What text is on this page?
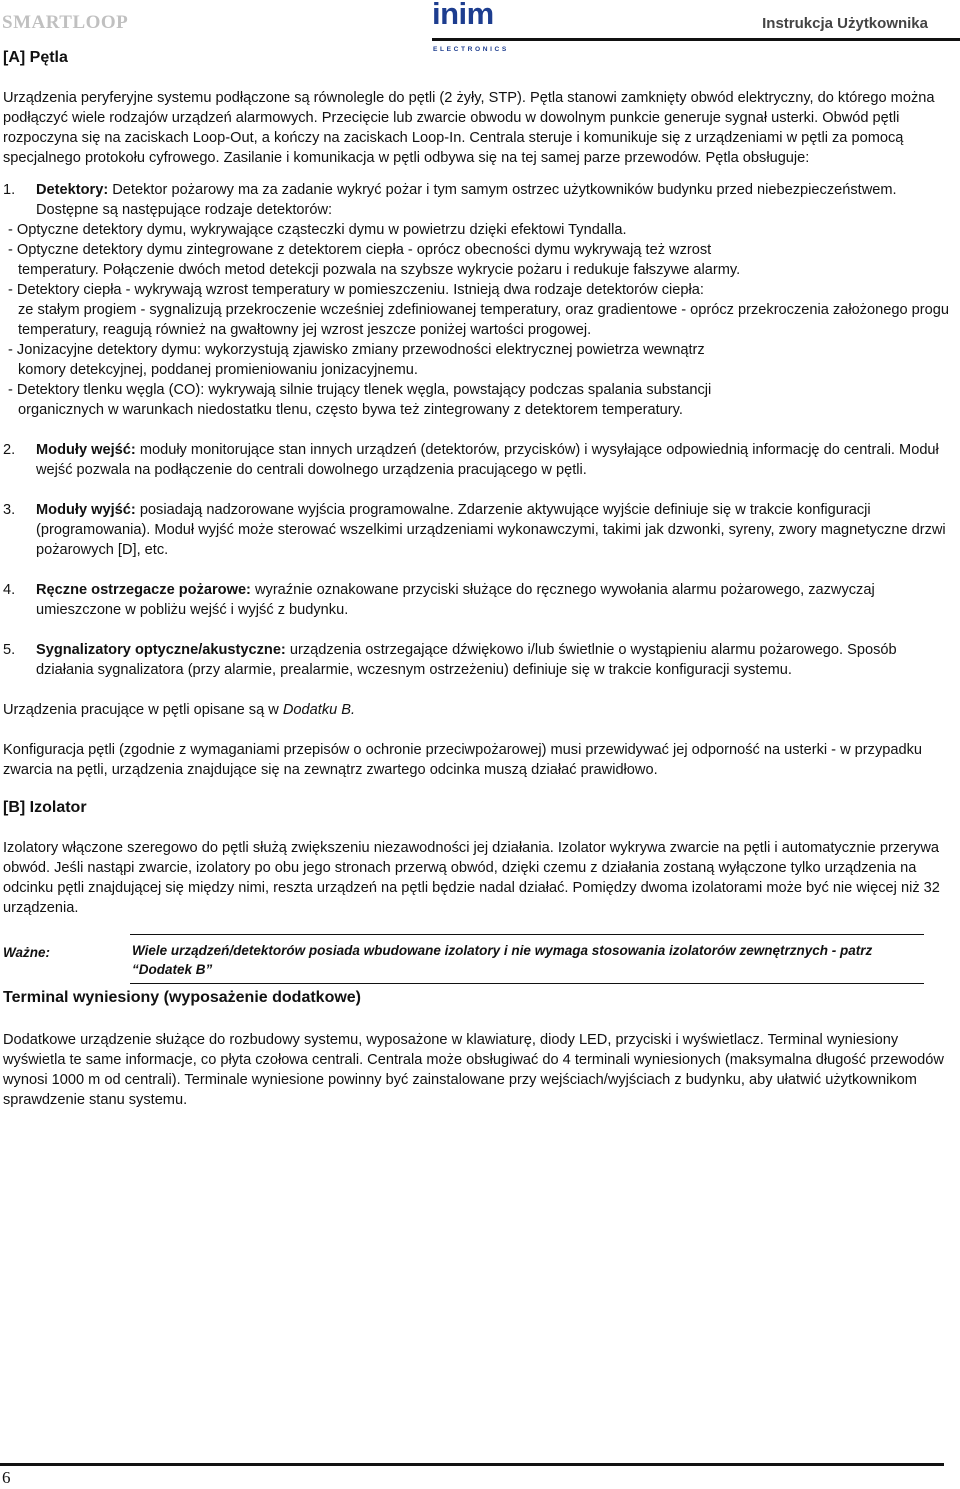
SMARTLOOP	inim
ELECTRONICS
Instrukcja Użytkownika

[A] Pętla

Urządzenia peryferyjne systemu podłączone są równolegle do pętli (2 żyły, STP). Pętla stanowi zamknięty obwód elektryczny, do którego można podłączyć wiele rodzajów urządzeń alarmowych. Przecięcie lub zwarcie obwodu w dowolnym punkcie generuje sygnał usterki. Obwód pętli rozpoczyna się na zaciskach Loop-Out, a kończy na zaciskach Loop-In. Centrala steruje i komunikuje się z urządzeniami w pętli za pomocą specjalnego protokołu cyfrowego. Zasilanie i komunikacja w pętli odbywa się na tej samej parze przewodów. Pętla obsługuje:

1. Detektory: Detektor pożarowy ma za zadanie wykryć pożar i tym samym ostrzec użytkowników budynku przed niebezpieczeństwem. Dostępne są następujące rodzaje detektorów:
- Optyczne detektory dymu, wykrywające cząsteczki dymu w powietrzu dzięki efektowi Tyndalla.
- Optyczne detektory dymu zintegrowane z detektorem ciepła - oprócz obecności dymu wykrywają też wzrost
temperatury. Połączenie dwóch metod detekcji pozwala na szybsze wykrycie pożaru i redukuje fałszywe alarmy.
- Detektory ciepła - wykrywają wzrost temperatury w pomieszczeniu. Istnieją dwa rodzaje detektorów ciepła:
ze stałym progiem - sygnalizują przekroczenie wcześniej zdefiniowanej temperatury, oraz gradientowe - oprócz przekroczenia założonego progu temperatury, reagują również na gwałtowny jej wzrost jeszcze poniżej wartości progowej.
- Jonizacyjne detektory dymu: wykorzystują zjawisko zmiany przewodności elektrycznej powietrza wewnątrz
komory detekcyjnej, poddanej promieniowaniu jonizacyjnemu.
- Detektory tlenku węgla (CO): wykrywają silnie trujący tlenek węgla, powstający podczas spalania substancji
organicznych w warunkach niedostatku tlenu, często bywa też zintegrowany z detektorem temperatury.
2. Moduły wejść: moduły monitorujące stan innych urządzeń (detektorów, przycisków) i wysyłające odpowiednią informację do centrali. Moduł wejść pozwala na podłączenie do centrali dowolnego urządzenia pracującego w pętli.
3. Moduły wyjść: posiadają nadzorowane wyjścia programowalne. Zdarzenie aktywujące wyjście definiuje się w trakcie konfiguracji (programowania). Moduł wyjść może sterować wszelkimi urządzeniami wykonawczymi, takimi jak dzwonki, syreny, zwory magnetyczne drzwi pożarowych [D], etc.
4. Ręczne ostrzegacze pożarowe: wyraźnie oznakowane przyciski służące do ręcznego wywołania alarmu pożarowego, zazwyczaj umieszczone w pobliżu wejść i wyjść z budynku.
5. Sygnalizatory optyczne/akustyczne: urządzenia ostrzegające dźwiękowo i/lub świetlnie o wystąpieniu alarmu pożarowego. Sposób działania sygnalizatora (przy alarmie, prealarmie, wczesnym ostrzeżeniu) definiuje się w trakcie konfiguracji systemu.

Urządzenia pracujące w pętli opisane są w Dodatku B.

Konfiguracja pętli (zgodnie z wymaganiami przepisów o ochronie przeciwpożarowej) musi przewidywać jej odporność na usterki - w przypadku zwarcia na pętli, urządzenia znajdujące się na zewnątrz zwartego odcinka muszą działać prawidłowo.

[B] Izolator

Izolatory włączone szeregowo do pętli służą zwiększeniu niezawodności jej działania. Izolator wykrywa zwarcie na pętli i automatycznie przerywa obwód. Jeśli nastąpi zwarcie, izolatory po obu jego stronach przerwą obwód, dzięki czemu z działania zostaną wyłączone tylko urządzenia na odcinku pętli znajdującej się między nimi, reszta urządzeń na pętli będzie nadal działać. Pomiędzy dwoma izolatorami może być nie więcej niż 32 urządzenia.

Ważne:	Wiele urządzeń/detektorów posiada wbudowane izolatory i nie wymaga stosowania izolatorów zewnętrznych - patrz “Dodatek B”

Terminal wyniesiony (wyposażenie dodatkowe)

Dodatkowe urządzenie służące do rozbudowy systemu, wyposażone w klawiaturę, diody LED, przyciski i wyświetlacz. Terminal wyniesiony wyświetla te same informacje, co płyta czołowa centrali. Centrala może obsługiwać do 4 terminali wyniesionych (maksymalna długość przewodów wynosi 1000 m od centrali). Terminale wyniesione powinny być zainstalowane przy wejściach/wyjściach z budynku, aby ułatwić użytkownikom sprawdzenie stanu systemu.

6
